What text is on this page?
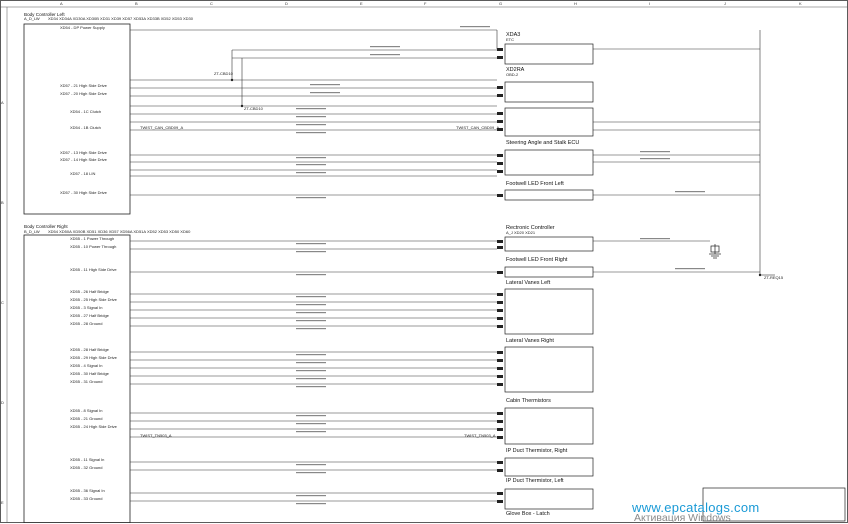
A	B	C	D	E	F	G	H	I	J	K
A
B
C
D
E
Body Controller Left
A_D_LW XD34 XD34A XD30A XD30B XD31 XD39 XD57 XD53A XD33B XD52 XD53 XD30
Body Controller Right
B_D_LW XD54 XD50A XD50B XD51 XD36 XD57 XD56A XD51A XD52 XD53 XD50 XD60
XDA3
ETC
XD2RA
OBD-2
Steering Angle and Stalk ECU
Footwell LED Front Left
Rectronic Controller
A_J XD20 XD21
Footwell LED Front Right
Lateral Vanes Left
Lateral Vanes Right
Cabin Thermistors
IP Duct Thermistor, Right
IP Duct Thermistor, Left
Glove Box - Latch
XD54 - DP Power Supply
XD57 - 21 High Side Drive
XD57 - 20 High Side Drive
XD54 - 1C Clutch
XD54 - 1B Clutch
XD57 - 13 High Side Drive
XD57 - 14 High Side Drive
XD57 - 18 LIN
XD57 - 30 High Side Drive
XD55 - 1 Power Through
XD55 - 10 Power Through
XD55 - 11 High Side Drive
XD55 - 26 Half Bridge
XD55 - 25 High Side Drive
XD55 - 3 Signal In
XD55 - 27 Half Bridge
XD55 - 28 Ground
XD55 - 28 Half Bridge
XD55 - 29 High Side Drive
XD55 - 4 Signal In
XD55 - 30 Half Bridge
XD55 - 31 Ground
XD55 - 8 Signal In
XD55 - 21 Ground
XD55 - 24 High Side Drive
XD55 - 11 Signal In
XD55 - 32 Ground
XD55 - 36 Signal In
XD55 - 33 Ground
ZT-CBD10
ZT-CBD10
ZT-REQ15
TWIST_CAN_CBD09_A	TWIST_CAN_CBD09_A
TWIST_TN503_A	TWIST_TN503_A
www.epcatalogs.com
Активация Windows
